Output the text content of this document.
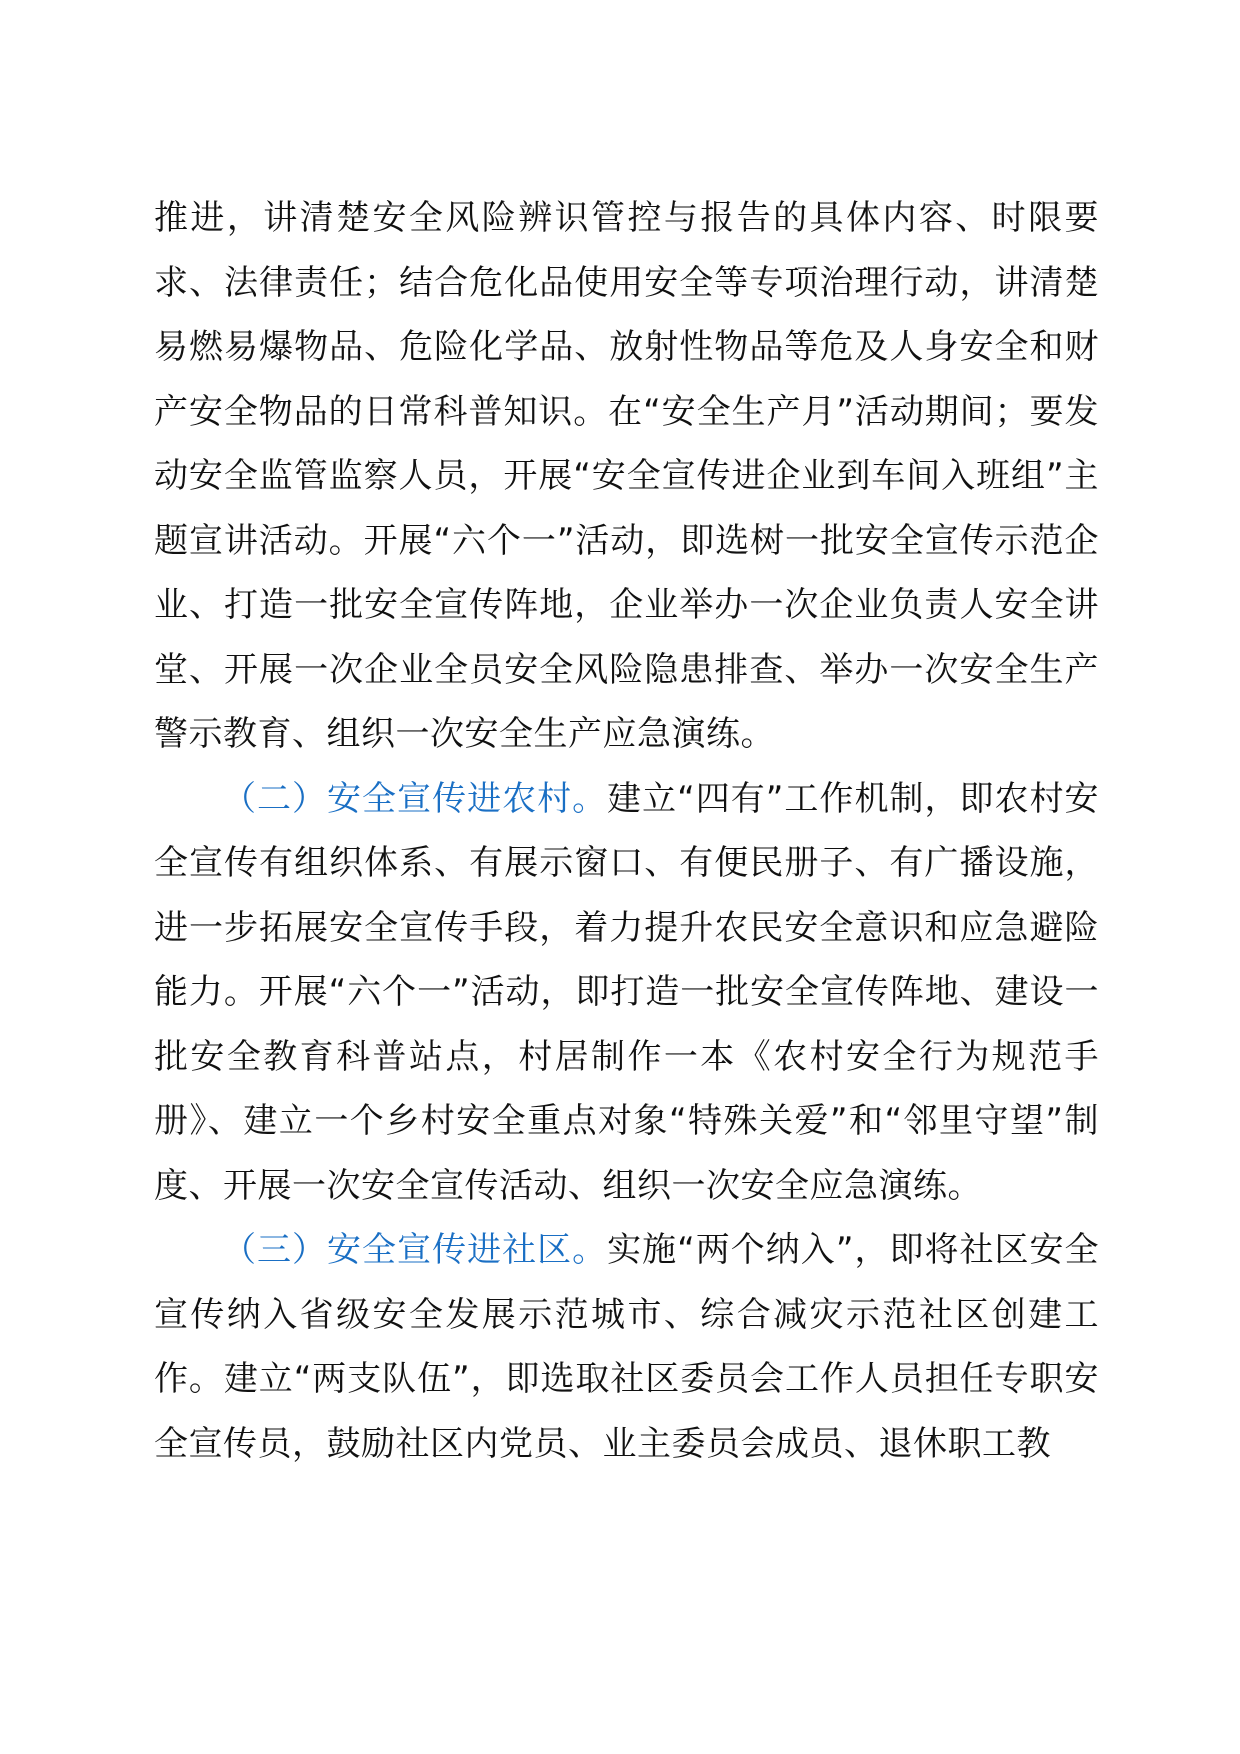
推进，讲清楚安全风险辨识管控与报告的具体内容、时限要求、法律责任；结合危化品使用安全等专项治理行动，讲清楚易燃易爆物品、危险化学品、放射性物品等危及人身安全和财产安全物品的日常科普知识。在“安全生产月”活动期间；要发动安全监管监察人员，开展“安全宣传进企业到车间入班组”主题宣讲活动。开展“六个一”活动，即选树一批安全宣传示范企业、打造一批安全宣传阵地，企业举办一次企业负责人安全讲堂、开展一次企业全员安全风险隐患排查、举办一次安全生产警示教育、组织一次安全生产应急演练。

（二）安全宣传进农村。建立“四有”工作机制，即农村安全宣传有组织体系、有展示窗口、有便民册子、有广播设施，进一步拓展安全宣传手段，着力提升农民安全意识和应急避险能力。开展“六个一”活动，即打造一批安全宣传阵地、建设一批安全教育科普站点，村居制作一本《农村安全行为规范手册》、建立一个乡村安全重点对象“特殊关爱”和“邻里守望”制度、开展一次安全宣传活动、组织一次安全应急演练。

（三）安全宣传进社区。实施“两个纳入”，即将社区安全宣传纳入省级安全发展示范城市、综合减灾示范社区创建工作。建立“两支队伍”，即选取社区委员会工作人员担任专职安全宣传员，鼓励社区内党员、业主委员会成员、退休职工教
